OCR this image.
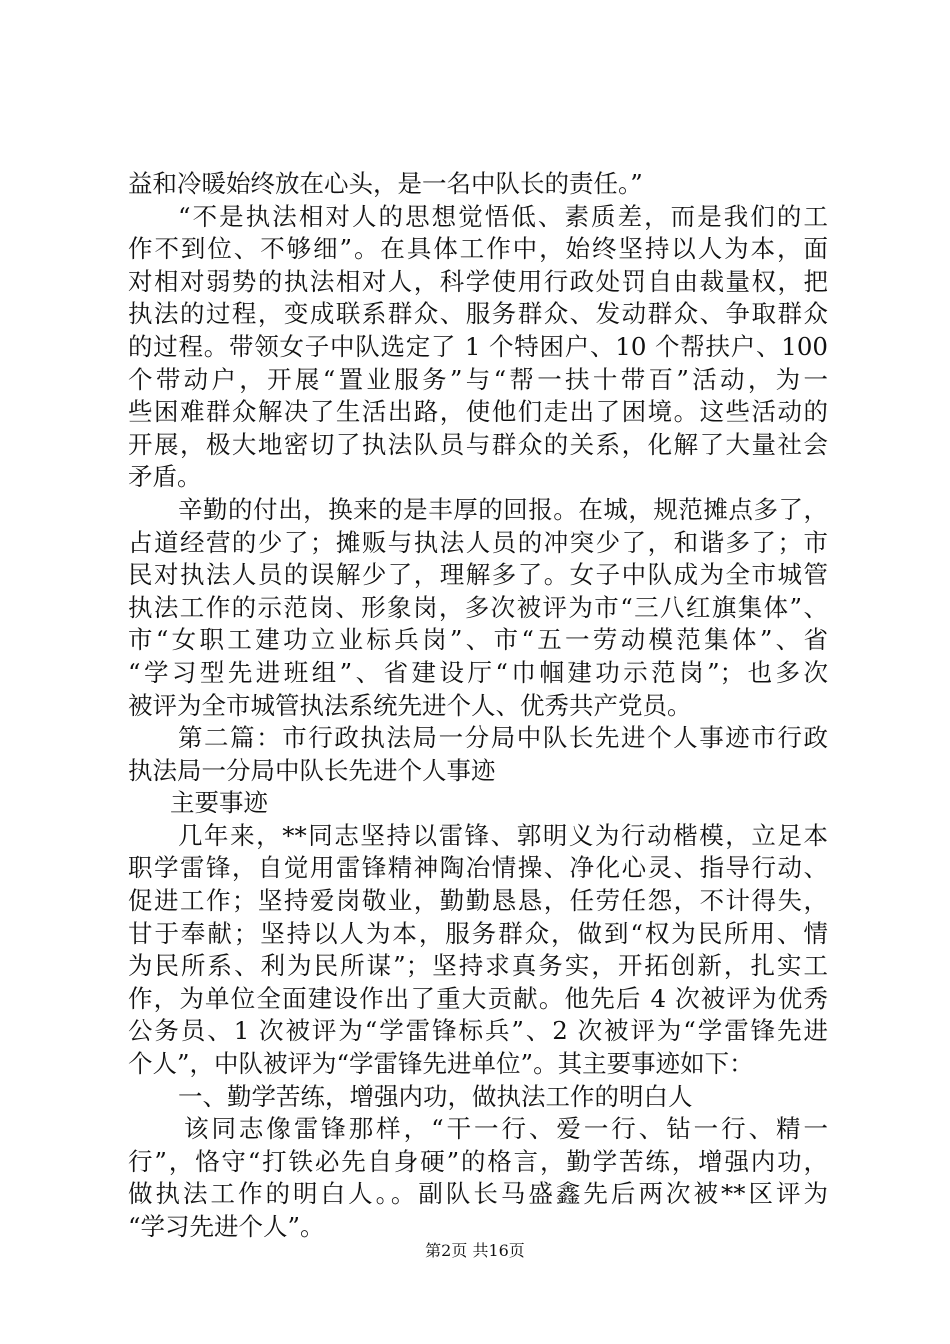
益和冷暖始终放在心头，是一名中队长的责任。”
“不是执法相对人的思想觉悟低、素质差，而是我们的工
作不到位、不够细”。在具体工作中，始终坚持以人为本，面
对相对弱势的执法相对人，科学使用行政处罚自由裁量权，把
执法的过程，变成联系群众、服务群众、发动群众、争取群众
的过程。带领女子中队选定了 1 个特困户、10 个帮扶户、100
个带动户，开展“置业服务”与“帮一扶十带百”活动，为一
些困难群众解决了生活出路，使他们走出了困境。这些活动的
开展，极大地密切了执法队员与群众的关系，化解了大量社会
矛盾。
辛勤的付出，换来的是丰厚的回报。在城，规范摊点多了，
占道经营的少了；摊贩与执法人员的冲突少了，和谐多了；市
民对执法人员的误解少了，理解多了。女子中队成为全市城管
执法工作的示范岗、形象岗，多次被评为市“三八红旗集体”、
市“女职工建功立业标兵岗”、市“五一劳动模范集体”、省
“学习型先进班组”、省建设厅“巾帼建功示范岗”；也多次
被评为全市城管执法系统先进个人、优秀共产党员。
第二篇：市行政执法局一分局中队长先进个人事迹市行政
执法局一分局中队长先进个人事迹
主要事迹
几年来，**同志坚持以雷锋、郭明义为行动楷模，立足本
职学雷锋，自觉用雷锋精神陶冶情操、净化心灵、指导行动、
促进工作；坚持爱岗敬业，勤勤恳恳，任劳任怨，不计得失，
甘于奉献；坚持以人为本，服务群众，做到“权为民所用、情
为民所系、利为民所谋”；坚持求真务实，开拓创新，扎实工
作，为单位全面建设作出了重大贡献。他先后 4 次被评为优秀
公务员、1 次被评为“学雷锋标兵”、2 次被评为“学雷锋先进
个人”，中队被评为“学雷锋先进单位”。其主要事迹如下：
一、勤学苦练，增强内功，做执法工作的明白人
该同志像雷锋那样，“干一行、爱一行、钻一行、精一
行”，恪守“打铁必先自身硬”的格言，勤学苦练，增强内功，
做执法工作的明白人。。副队长马盛鑫先后两次被**区评为
“学习先进个人”。
第2页 共16页
